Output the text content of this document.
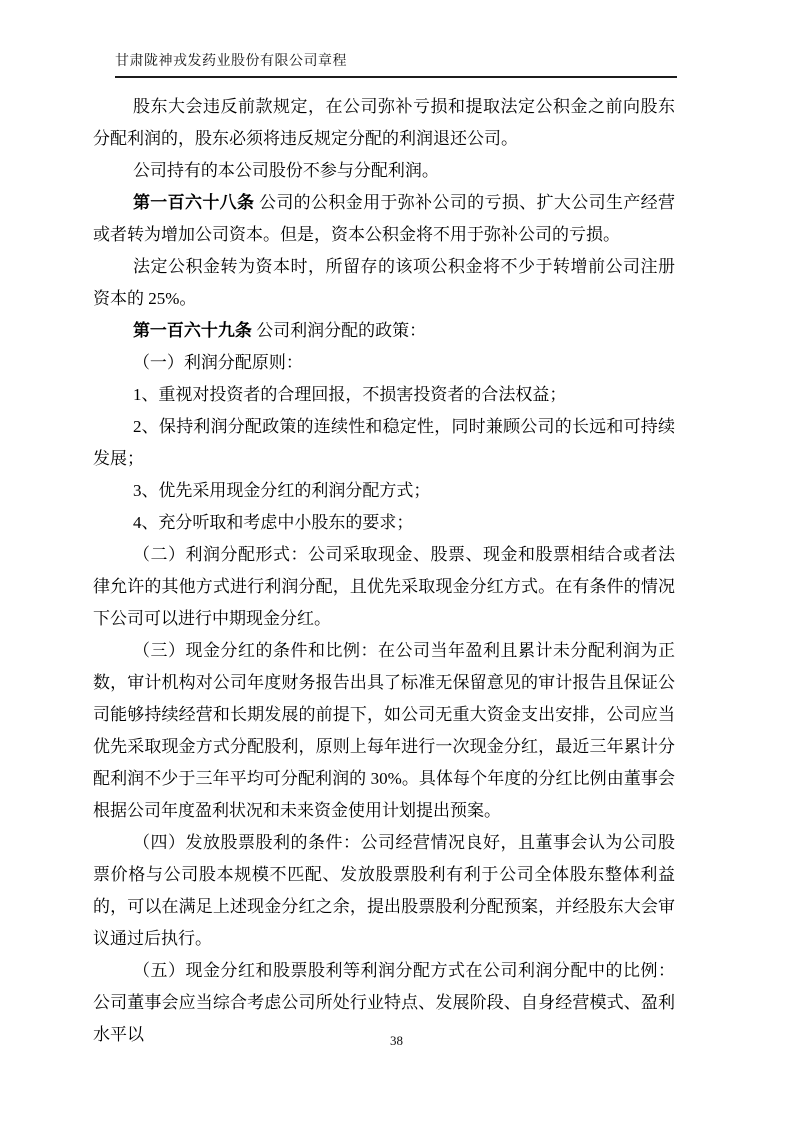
甘肃陇神戎发药业股份有限公司章程

股东大会违反前款规定，在公司弥补亏损和提取法定公积金之前向股东分配利润的，股东必须将违反规定分配的利润退还公司。

公司持有的本公司股份不参与分配利润。

第一百六十八条 公司的公积金用于弥补公司的亏损、扩大公司生产经营或者转为增加公司资本。但是，资本公积金将不用于弥补公司的亏损。

法定公积金转为资本时，所留存的该项公积金将不少于转增前公司注册资本的 25%。

第一百六十九条 公司利润分配的政策：

（一）利润分配原则：

1、重视对投资者的合理回报，不损害投资者的合法权益；

2、保持利润分配政策的连续性和稳定性，同时兼顾公司的长远和可持续发展；

3、优先采用现金分红的利润分配方式；

4、充分听取和考虑中小股东的要求；

（二）利润分配形式：公司采取现金、股票、现金和股票相结合或者法律允许的其他方式进行利润分配，且优先采取现金分红方式。在有条件的情况下公司可以进行中期现金分红。

（三）现金分红的条件和比例：在公司当年盈利且累计未分配利润为正数，审计机构对公司年度财务报告出具了标准无保留意见的审计报告且保证公司能够持续经营和长期发展的前提下，如公司无重大资金支出安排，公司应当优先采取现金方式分配股利，原则上每年进行一次现金分红，最近三年累计分配利润不少于三年平均可分配利润的 30%。具体每个年度的分红比例由董事会根据公司年度盈利状况和未来资金使用计划提出预案。

（四）发放股票股利的条件：公司经营情况良好，且董事会认为公司股票价格与公司股本规模不匹配、发放股票股利有利于公司全体股东整体利益的，可以在满足上述现金分红之余，提出股票股利分配预案，并经股东大会审议通过后执行。

（五）现金分红和股票股利等利润分配方式在公司利润分配中的比例：公司董事会应当综合考虑公司所处行业特点、发展阶段、自身经营模式、盈利水平以	38
